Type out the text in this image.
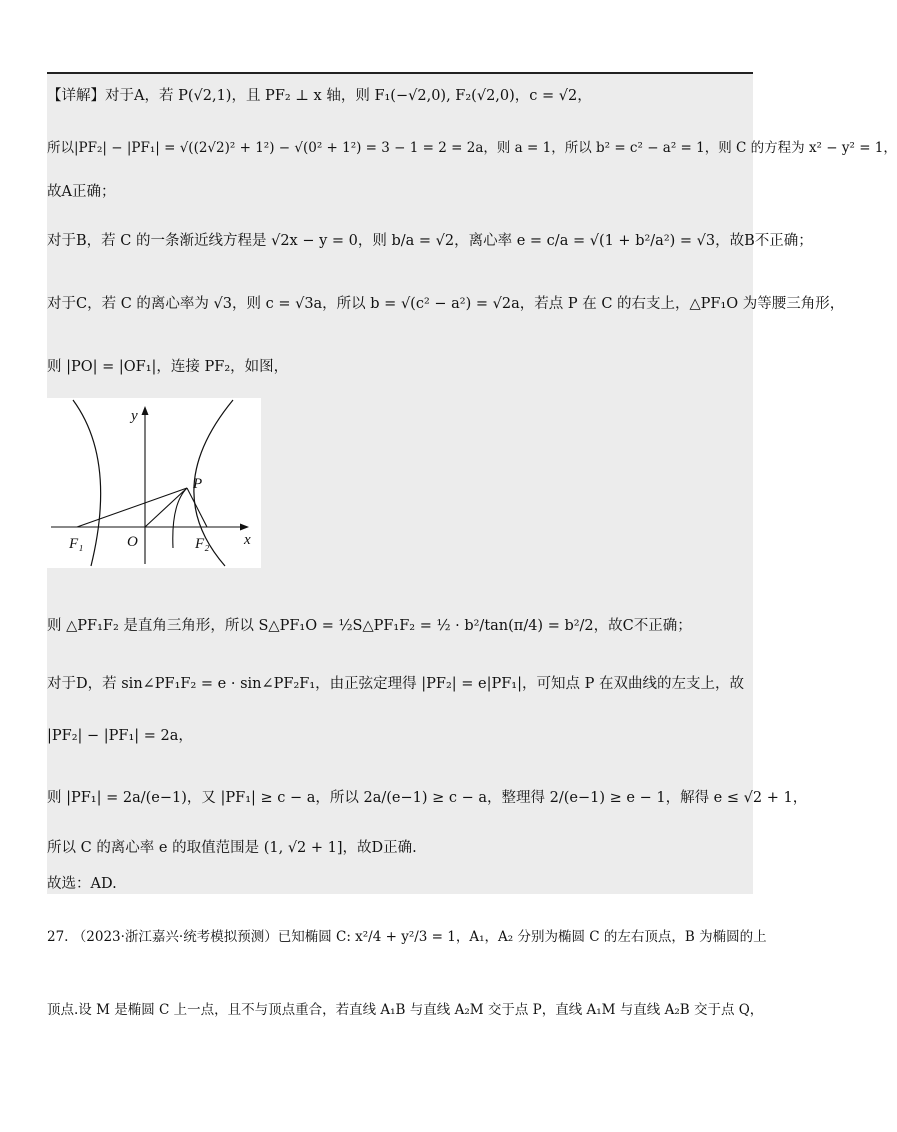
【详解】对于A，若 P(√2,1)，且 PF₂ ⊥ x 轴，则 F₁(−√2,0), F₂(√2,0)，c = √2，
所以|PF₂| − |PF₁| = √((2√2)² + 1²) − √(0² + 1²) = 3 − 1 = 2 = 2a，则 a = 1，所以 b² = c² − a² = 1，则 C 的方程为 x² − y² = 1，
故A正确；
对于B，若 C 的一条渐近线方程是 √2x − y = 0，则 b/a = √2，离心率 e = c/a = √(1 + b²/a²) = √3，故B不正确；
对于C，若 C 的离心率为 √3，则 c = √3a，所以 b = √(c² − a²) = √2a，若点 P 在 C 的右支上，△PF₁O 为等腰三角形，
则 |PO| = |OF₁|，连接 PF₂，如图，
y
x
P
F₁	O	F₂
则 △PF₁F₂ 是直角三角形，所以 S△PF₁O = ½S△PF₁F₂ = ½ · b²/tan(π/4) = b²/2，故C不正确；
对于D，若 sin∠PF₁F₂ = e · sin∠PF₂F₁，由正弦定理得 |PF₂| = e|PF₁|，可知点 P 在双曲线的左支上，故
|PF₂| − |PF₁| = 2a，
则 |PF₁| = 2a/(e−1)，又 |PF₁| ≥ c − a，所以 2a/(e−1) ≥ c − a，整理得 2/(e−1) ≥ e − 1，解得 e ≤ √2 + 1，
所以 C 的离心率 e 的取值范围是 (1, √2 + 1]，故D正确.
故选：AD.
27. （2023·浙江嘉兴·统考模拟预测）已知椭圆 C: x²/4 + y²/3 = 1，A₁，A₂ 分别为椭圆 C 的左右顶点，B 为椭圆的上
顶点.设 M 是椭圆 C 上一点，且不与顶点重合，若直线 A₁B 与直线 A₂M 交于点 P，直线 A₁M 与直线 A₂B 交于点 Q，
